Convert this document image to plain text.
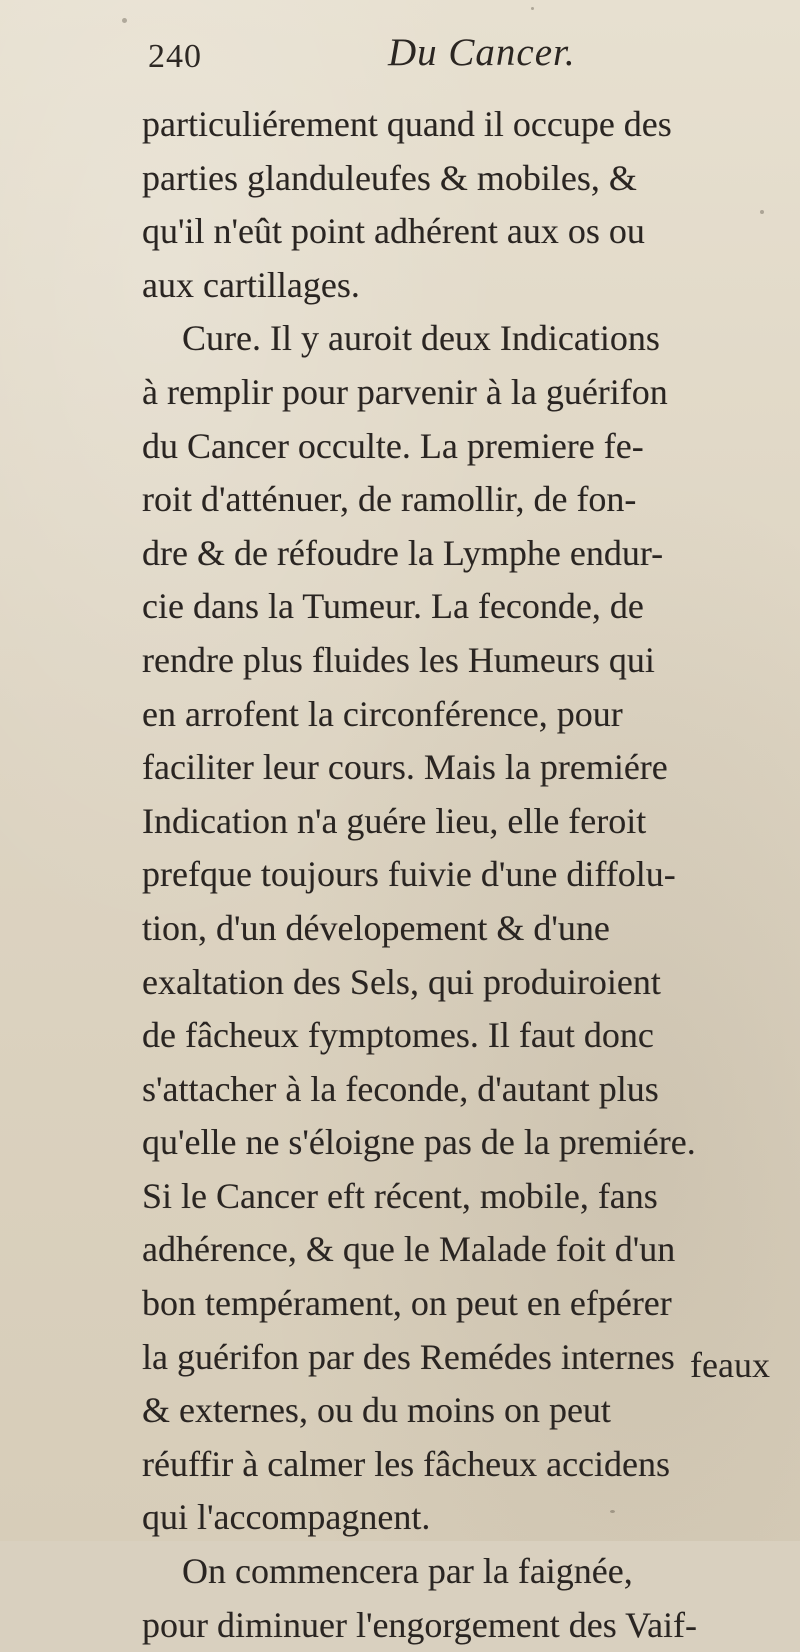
240	Du Cancer.
particuliérement quand il occupe des
parties glanduleufes & mobiles, &
qu'il n'eût point adhérent aux os ou
aux cartillages.
Cure. Il y auroit deux Indications
à remplir pour parvenir à la guérifon
du Cancer occulte. La premiere fe-
roit d'atténuer, de ramollir, de fon-
dre & de réfoudre la Lymphe endur-
cie dans la Tumeur. La feconde, de
rendre plus fluides les Humeurs qui
en arrofent la circonférence, pour
faciliter leur cours. Mais la premiére
Indication n'a guére lieu, elle feroit
prefque toujours fuivie d'une diffolu-
tion, d'un dévelopement & d'une
exaltation des Sels, qui produiroient
de fâcheux fymptomes. Il faut donc
s'attacher à la feconde, d'autant plus
qu'elle ne s'éloigne pas de la premiére.
Si le Cancer eft récent, mobile, fans
adhérence, & que le Malade foit d'un
bon tempérament, on peut en efpérer
la guérifon par des Remédes internes
& externes, ou du moins on peut
réuffir à calmer les fâcheux accidens
qui l'accompagnent.
On commencera par la faignée,
pour diminuer l'engorgement des Vaif-
feaux
